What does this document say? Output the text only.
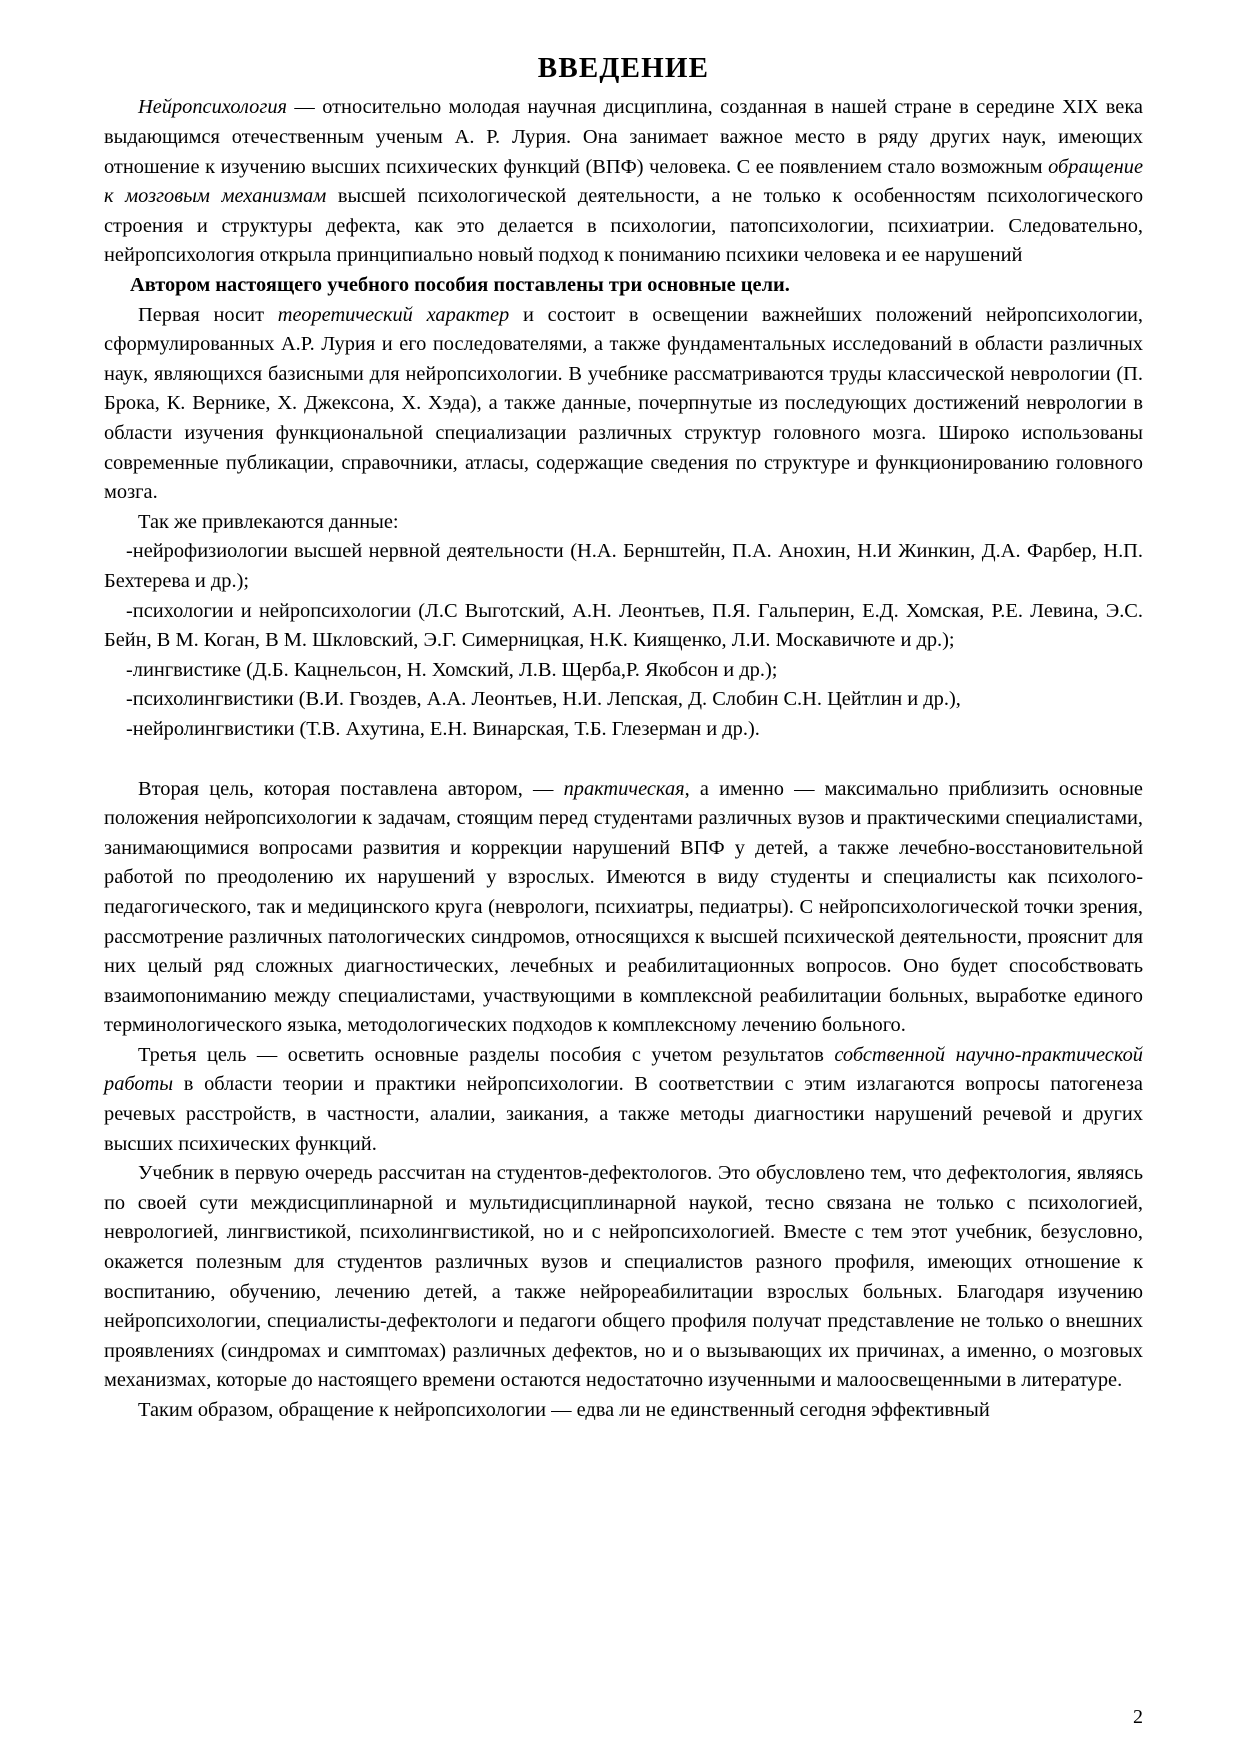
ВВЕДЕНИЕ

Нейропсихология — относительно молодая научная дисциплина, созданная в нашей стране в середине XIX века выдающимся отечественным ученым А. Р. Лурия. Она занимает важное место в ряду других наук, имеющих отношение к изучению высших психических функций (ВПФ) человека. С ее появлением стало возможным обращение к мозговым механизмам высшей психологической деятельности, а не только к особенностям психологического строения и структуры дефекта, как это делается в психологии, патопсихологии, психиатрии. Следовательно, нейропсихология открыла принципиально новый подход к пониманию психики человека и ее нарушений

Автором настоящего учебного пособия поставлены три основные цели.

Первая носит теоретический характер и состоит в освещении важнейших положений нейропсихологии, сформулированных А.Р. Лурия и его последователями, а также фундаментальных исследований в области различных наук, являющихся базисными для нейропсихологии. В учебнике рассматриваются труды классической неврологии (П. Брока, К. Вернике, Х. Джексона, Х. Хэда), а также данные, почерпнутые из последующих достижений неврологии в области изучения функциональной специализации различных структур головного мозга. Широко использованы современные публикации, справочники, атласы, содержащие сведения по структуре и функционированию головного мозга.

Так же привлекаются данные:

-нейрофизиологии высшей нервной деятельности (Н.А. Бернштейн, П.А. Анохин, Н.И Жинкин, Д.А. Фарбер, Н.П. Бехтерева и др.);

-психологии и нейропсихологии (Л.С Выготский, А.Н. Леонтьев, П.Я. Гальперин, Е.Д. Хомская, Р.Е. Левина, Э.С. Бейн, В М. Коган, В М. Шкловский, Э.Г. Симерницкая, Н.К. Киященко, Л.И. Москавичюте и др.);

-лингвистике (Д.Б. Кацнельсон, Н. Хомский, Л.В. Щерба,Р. Якобсон и др.);

-психолингвистики (В.И. Гвоздев, А.А. Леонтьев, Н.И. Лепская, Д. Слобин С.Н. Цейтлин и др.),

-нейролингвистики (Т.В. Ахутина, Е.Н. Винарская, Т.Б. Глезерман и др.).

Вторая цель, которая поставлена автором, — практическая, а именно — максимально приблизить основные положения нейропсихологии к задачам, стоящим перед студентами различных вузов и практическими специалистами, занимающимися вопросами развития и коррекции нарушений ВПФ у детей, а также лечебно-восстановительной работой по преодолению их нарушений у взрослых. Имеются в виду студенты и специалисты как психолого-педагогического, так и медицинского круга (неврологи, психиатры, педиатры). С нейропсихологической точки зрения, рассмотрение различных патологических синдромов, относящихся к высшей психической деятельности, прояснит для них целый ряд сложных диагностических, лечебных и реабилитационных вопросов. Оно будет способствовать взаимопониманию между специалистами, участвующими в комплексной реабилитации больных, выработке единого терминологического языка, методологических подходов к комплексному лечению больного.

Третья цель — осветить основные разделы пособия с учетом результатов собственной научно-практической работы в области теории и практики нейропсихологии. В соответствии с этим излагаются вопросы патогенеза речевых расстройств, в частности, алалии, заикания, а также методы диагностики нарушений речевой и других высших психических функций.

Учебник в первую очередь рассчитан на студентов-дефектологов. Это обусловлено тем, что дефектология, являясь по своей сути междисциплинарной и мультидисциплинарной наукой, тесно связана не только с психологией, неврологией, лингвистикой, психолингвистикой, но и с нейропсихологией. Вместе с тем этот учебник, безусловно, окажется полезным для студентов различных вузов и специалистов разного профиля, имеющих отношение к воспитанию, обучению, лечению детей, а также нейрореабилитации взрослых больных. Благодаря изучению нейропсихологии, специалисты-дефектологи и педагоги общего профиля получат представление не только о внешних проявлениях (синдромах и симптомах) различных дефектов, но и о вызывающих их причинах, а именно, о мозговых механизмах, которые до настоящего времени остаются недостаточно изученными и малоосвещенными в литературе.

Таким образом, обращение к нейропсихологии — едва ли не единственный сегодня эффективный

2
